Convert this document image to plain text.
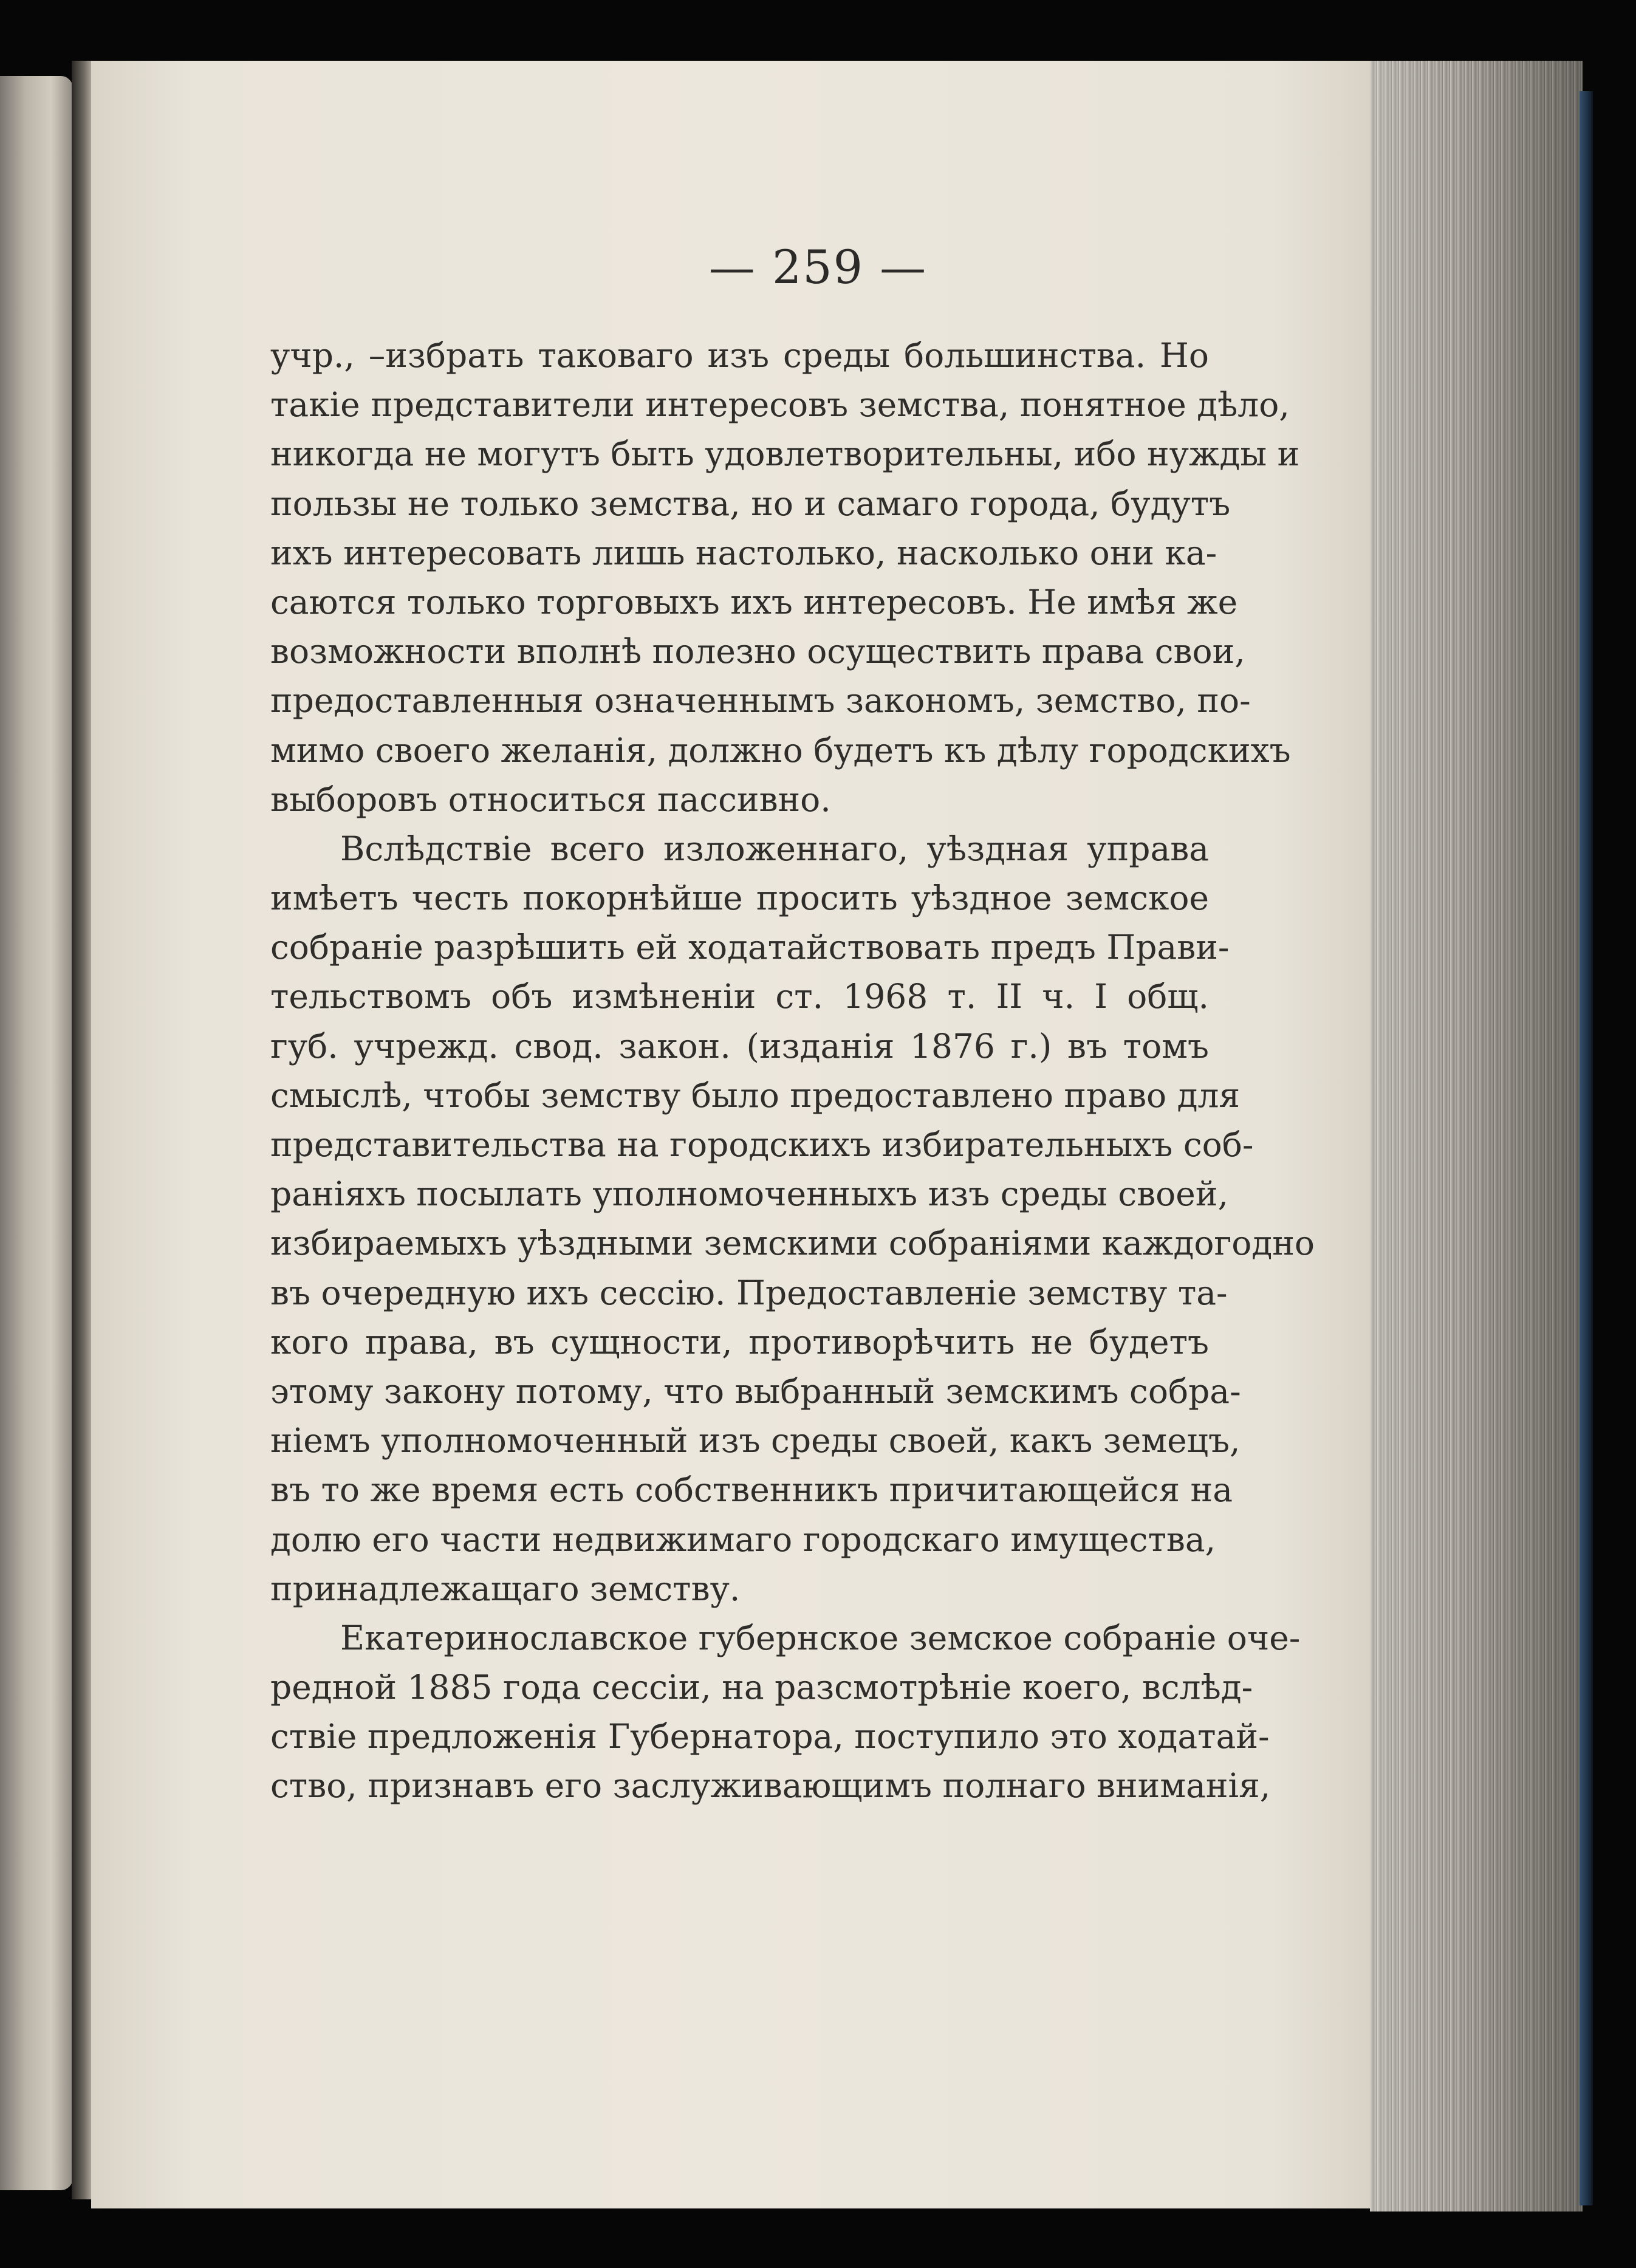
— 259 —
учр., –избрать таковаго изъ среды большинства. Но
такіе представители интересовъ земства, понятное дѣло,
никогда не могутъ быть удовлетворительны, ибо нужды и
пользы не только земства, но и самаго города, будутъ
ихъ интересовать лишь настолько, насколько они ка-
саются только торговыхъ ихъ интересовъ. Не имѣя же
возможности вполнѣ полезно осуществить права свои,
предоставленныя означеннымъ закономъ, земство, по-
мимо своего желанія, должно будетъ къ дѣлу городскихъ
выборовъ относиться пассивно.
Вслѣдствіе всего изложеннаго, уѣздная управа
имѣетъ честь покорнѣйше просить уѣздное земское
собраніе разрѣшить ей ходатайствовать предъ Прави-
тельствомъ объ измѣненіи ст. 1968 т. II ч. I общ.
губ. учрежд. свод. закон. (изданія 1876 г.) въ томъ
смыслѣ, чтобы земству было предоставлено право для
представительства на городскихъ избирательныхъ соб-
раніяхъ посылать уполномоченныхъ изъ среды своей,
избираемыхъ уѣздными земскими собраніями каждогодно
въ очередную ихъ сессію. Предоставленіе земству та-
кого права, въ сущности, противорѣчить не будетъ
этому закону потому, что выбранный земскимъ собра-
ніемъ уполномоченный изъ среды своей, какъ земецъ,
въ то же время есть собственникъ причитающейся на
долю его части недвижимаго городскаго имущества,
принадлежащаго земству.
Екатеринославское губернское земское собраніе оче-
редной 1885 года сессіи, на разсмотрѣніе коего, вслѣд-
ствіе предложенія Губернатора, поступило это ходатай-
ство, признавъ его заслуживающимъ полнаго вниманія,
